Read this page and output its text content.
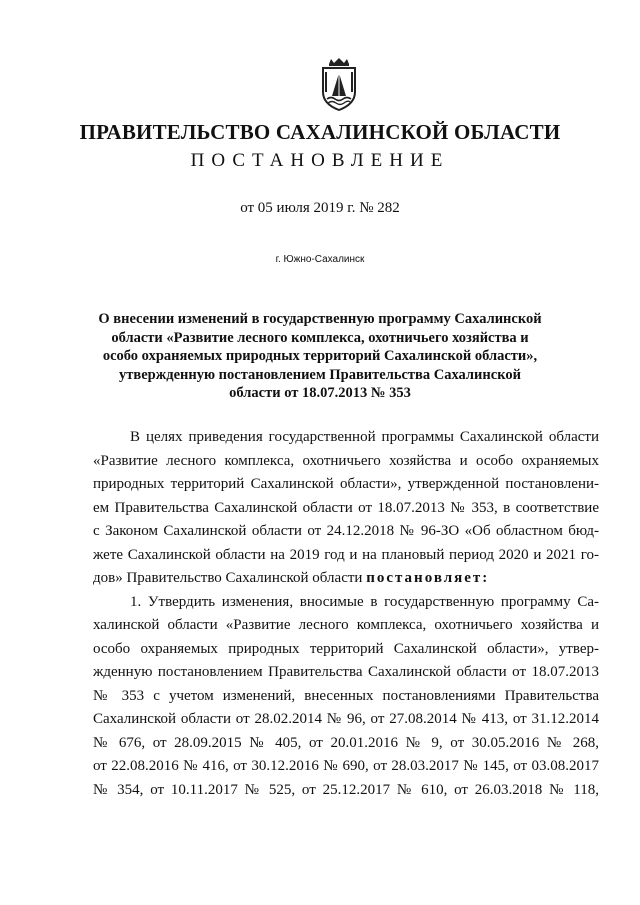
ПРАВИТЕЛЬСТВО САХАЛИНСКОЙ ОБЛАСТИ
ПОСТАНОВЛЕНИЕ
от 05 июля 2019 г. № 282
г. Южно-Сахалинск
О внесении изменений в государственную программу Сахалинской
области «Развитие лесного комплекса, охотничьего хозяйства и
особо охраняемых природных территорий Сахалинской области»,
утвержденную постановлением Правительства Сахалинской
области от 18.07.2013 № 353
В целях приведения государственной программы Сахалинской области
«Развитие лесного комплекса, охотничьего хозяйства и особо охраняемых
природных территорий Сахалинской области», утвержденной постановлени-
ем Правительства Сахалинской области от 18.07.2013 № 353, в соответствие
с Законом Сахалинской области от 24.12.2018 № 96-ЗО «Об областном бюд-
жете Сахалинской области на 2019 год и на плановый период 2020 и 2021 го-
дов» Правительство Сахалинской области постановляет:
1. Утвердить изменения, вносимые в государственную программу Са-
халинской области «Развитие лесного комплекса, охотничьего хозяйства и
особо охраняемых природных территорий Сахалинской области», утвер-
жденную постановлением Правительства Сахалинской области от 18.07.2013
№ 353 с учетом изменений, внесенных постановлениями Правительства
Сахалинской области от 28.02.2014 № 96, от 27.08.2014 № 413, от 31.12.2014
№ 676, от 28.09.2015 № 405, от 20.01.2016 № 9, от 30.05.2016 № 268,
от 22.08.2016 № 416, от 30.12.2016 № 690, от 28.03.2017 № 145, от 03.08.2017
№ 354, от 10.11.2017 № 525, от 25.12.2017 № 610, от 26.03.2018 № 118,
